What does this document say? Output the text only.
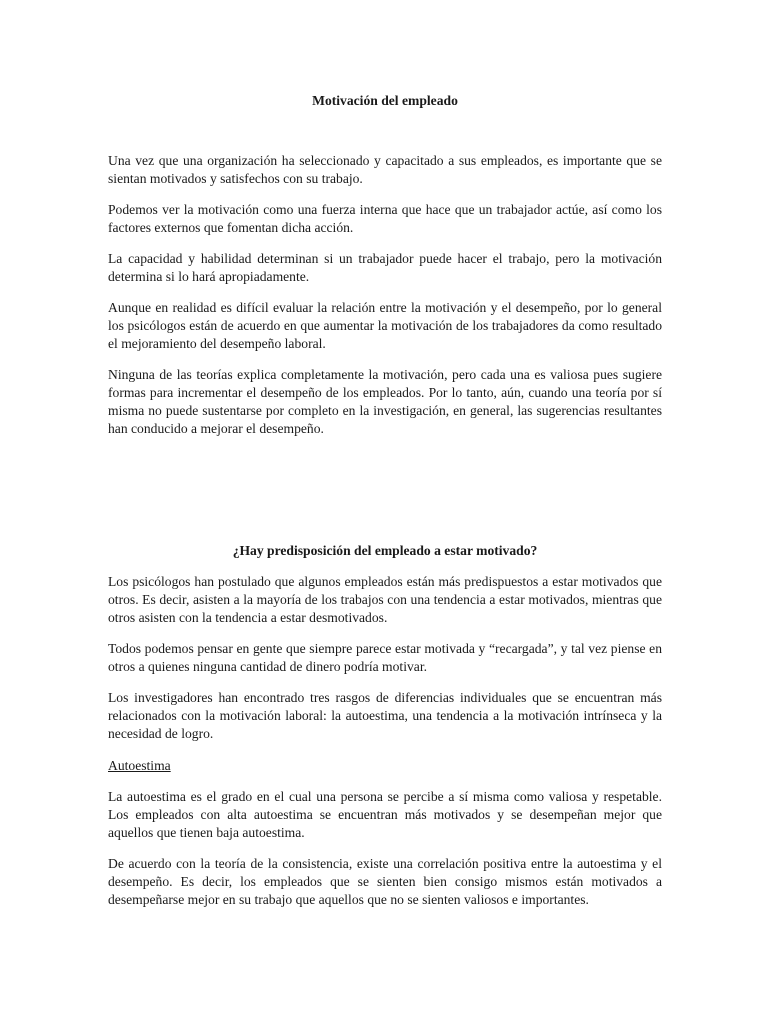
Motivación del empleado

Una vez que una organización ha seleccionado y capacitado a sus empleados, es importante que se sientan motivados y satisfechos con su trabajo.

Podemos ver la motivación como una fuerza interna que hace que un trabajador actúe, así como los factores externos que fomentan dicha acción.

La capacidad y habilidad determinan si un trabajador puede hacer el trabajo, pero la motivación determina si lo hará apropiadamente.

Aunque en realidad es difícil evaluar la relación entre la motivación y el desempeño, por lo general los psicólogos están de acuerdo en que aumentar la motivación de los trabajadores da como resultado el mejoramiento del desempeño laboral.

Ninguna de las teorías explica completamente la motivación, pero cada una es valiosa pues sugiere formas para incrementar el desempeño de los empleados. Por lo tanto, aún, cuando una teoría por sí misma no puede sustentarse por completo en la investigación, en general, las sugerencias resultantes han conducido a mejorar el desempeño.

¿Hay predisposición del empleado a estar motivado?

Los psicólogos han postulado que algunos empleados están más predispuestos a estar motivados que otros. Es decir, asisten a la mayoría de los trabajos con una tendencia a estar motivados, mientras que otros asisten con la tendencia a estar desmotivados.

Todos podemos pensar en gente que siempre parece estar motivada y “recargada”, y tal vez piense en otros a quienes ninguna cantidad de dinero podría motivar.

Los investigadores han encontrado tres rasgos de diferencias individuales que se encuentran más relacionados con la motivación laboral: la autoestima, una tendencia a la motivación intrínseca y la necesidad de logro.

Autoestima

La autoestima es el grado en el cual una persona se percibe a sí misma como valiosa y respetable. Los empleados con alta autoestima se encuentran más motivados y se desempeñan mejor que aquellos que tienen baja autoestima.

De acuerdo con la teoría de la consistencia, existe una correlación positiva entre la autoestima y el desempeño. Es decir, los empleados que se sienten bien consigo mismos están motivados a desempeñarse mejor en su trabajo que aquellos que no se sienten valiosos e importantes.
